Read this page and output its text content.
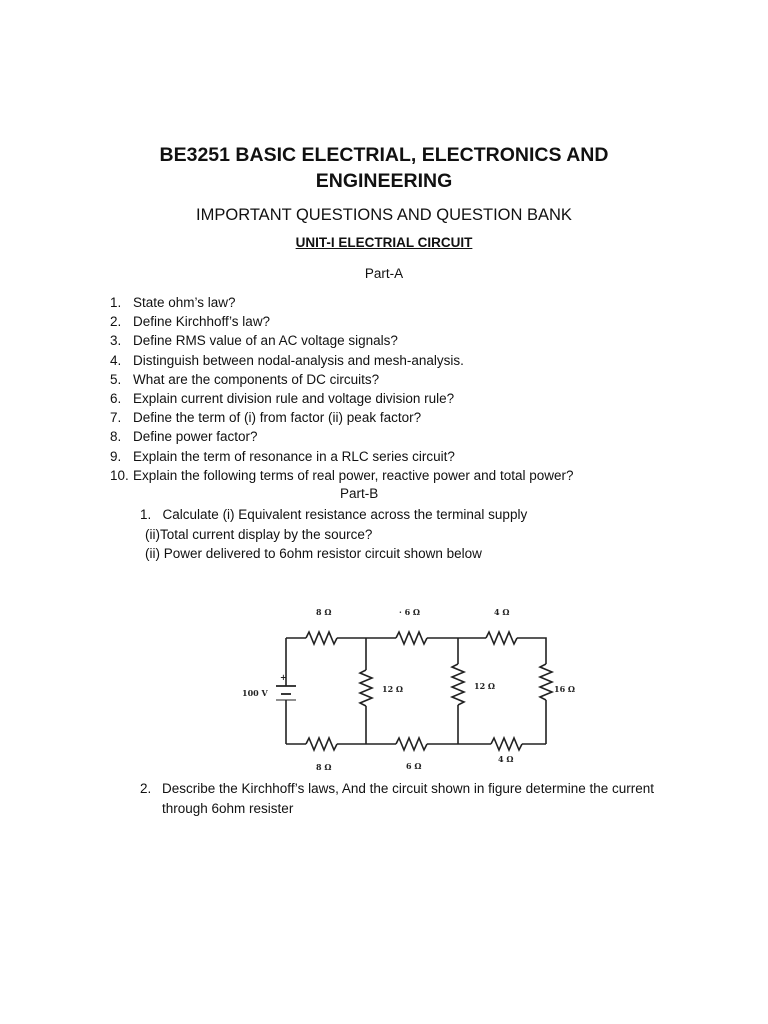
BE3251 BASIC ELECTRIAL, ELECTRONICS AND
ENGINEERING
IMPORTANT QUESTIONS AND QUESTION BANK
UNIT-I ELECTRIAL CIRCUIT
Part-A
1. State ohm’s law?
2. Define Kirchhoff’s law?
3. Define RMS value of an AC voltage signals?
4. Distinguish between nodal-analysis and mesh-analysis.
5. What are the components of DC circuits?
6. Explain current division rule and voltage division rule?
7. Define the term of (i) from factor (ii) peak factor?
8. Define power factor?
9. Explain the term of resonance in a RLC series circuit?
10. Explain the following terms of real power, reactive power and total power?
Part-B
1. Calculate (i) Equivalent resistance across the terminal supply
(ii)Total current display by the source?
(ii) Power delivered to 6ohm resistor circuit shown below
8 Ω	· 6 Ω	4 Ω
+
100 V	12 Ω	12 Ω	16 Ω
8 Ω	6 Ω
4 Ω
2. Describe the Kirchhoff’s laws, And the circuit shown in figure determine the current through 6ohm resister
